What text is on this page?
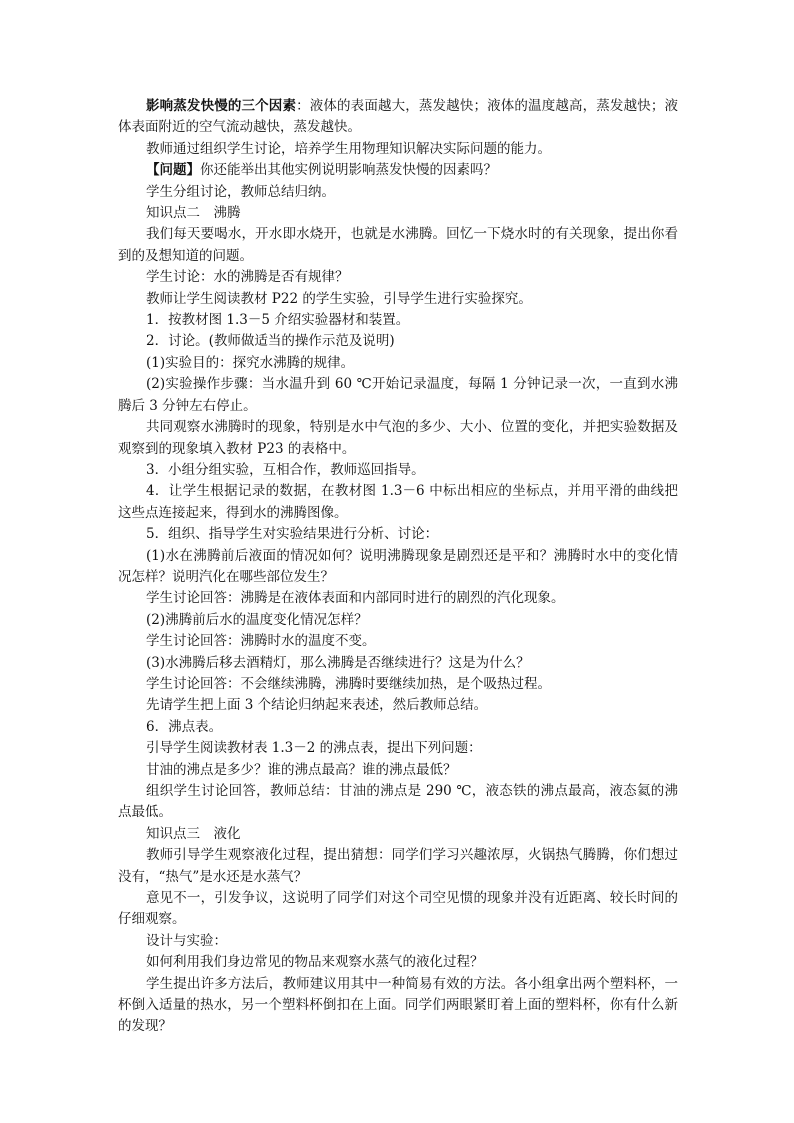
影响蒸发快慢的三个因素：液体的表面越大，蒸发越快；液体的温度越高，蒸发越快；液体表面附近的空气流动越快，蒸发越快。

教师通过组织学生讨论，培养学生用物理知识解决实际问题的能力。

【问题】你还能举出其他实例说明影响蒸发快慢的因素吗？

学生分组讨论，教师总结归纳。

知识点二　沸腾

我们每天要喝水，开水即水烧开，也就是水沸腾。回忆一下烧水时的有关现象，提出你看到的及想知道的问题。

学生讨论：水的沸腾是否有规律？

教师让学生阅读教材 P22 的学生实验，引导学生进行实验探究。

1．按教材图 1.3－5 介绍实验器材和装置。

2．讨论。(教师做适当的操作示范及说明)

(1)实验目的：探究水沸腾的规律。

(2)实验操作步骤：当水温升到 60 ℃开始记录温度，每隔 1 分钟记录一次，一直到水沸腾后 3 分钟左右停止。

共同观察水沸腾时的现象，特别是水中气泡的多少、大小、位置的变化，并把实验数据及观察到的现象填入教材 P23 的表格中。

3．小组分组实验，互相合作，教师巡回指导。

4．让学生根据记录的数据，在教材图 1.3－6 中标出相应的坐标点，并用平滑的曲线把这些点连接起来，得到水的沸腾图像。

5．组织、指导学生对实验结果进行分析、讨论：

(1)水在沸腾前后液面的情况如何？说明沸腾现象是剧烈还是平和？沸腾时水中的变化情况怎样？说明汽化在哪些部位发生？

学生讨论回答：沸腾是在液体表面和内部同时进行的剧烈的汽化现象。

(2)沸腾前后水的温度变化情况怎样？

学生讨论回答：沸腾时水的温度不变。

(3)水沸腾后移去酒精灯，那么沸腾是否继续进行？这是为什么？

学生讨论回答：不会继续沸腾，沸腾时要继续加热，是个吸热过程。

先请学生把上面 3 个结论归纳起来表述，然后教师总结。

6．沸点表。

引导学生阅读教材表 1.3－2 的沸点表，提出下列问题：

甘油的沸点是多少？谁的沸点最高？谁的沸点最低？

组织学生讨论回答，教师总结：甘油的沸点是 290 ℃，液态铁的沸点最高，液态氦的沸点最低。

知识点三　液化

教师引导学生观察液化过程，提出猜想：同学们学习兴趣浓厚，火锅热气腾腾，你们想过没有，“热气”是水还是水蒸气？

意见不一，引发争议，这说明了同学们对这个司空见惯的现象并没有近距离、较长时间的仔细观察。

设计与实验：

如何利用我们身边常见的物品来观察水蒸气的液化过程？

学生提出许多方法后，教师建议用其中一种简易有效的方法。各小组拿出两个塑料杯，一杯倒入适量的热水，另一个塑料杯倒扣在上面。同学们两眼紧盯着上面的塑料杯，你有什么新的发现？
